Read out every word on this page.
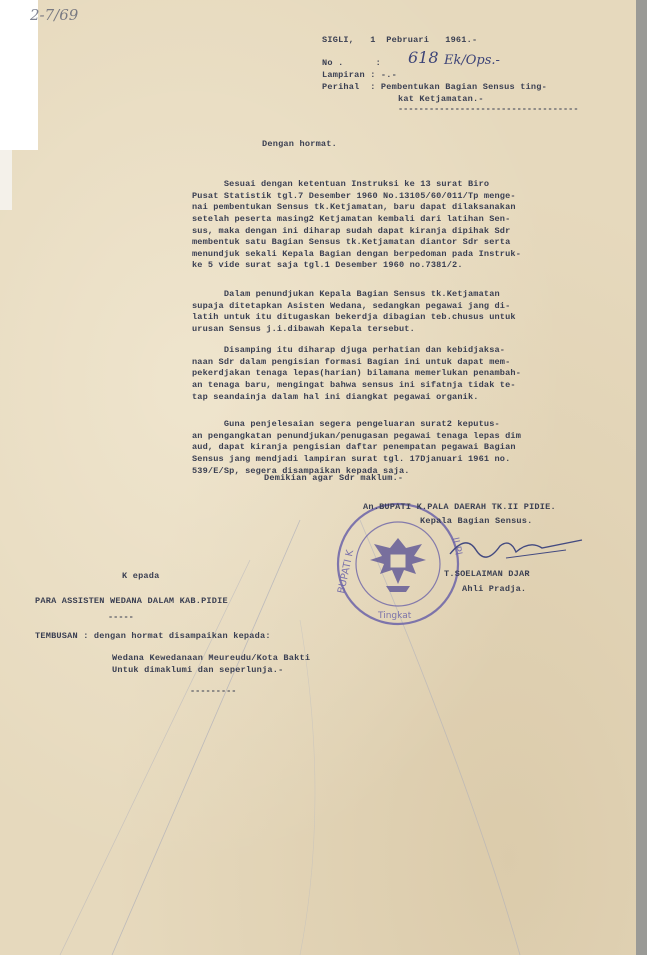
2-7/69
SIGLI,   1  Pebruari   1961.-
No .      : 618 Ek/Ops.-
Lampiran : -.-
Perihal  : Pembentukan Bagian Sensus ting-
kat Ketjamatan.-
-----------------------------------
Dengan hormat.

Sesuai dengan ketentuan Instruksi ke 13 surat Biro
Pusat Statistik tgl.7 Desember 1960 No.13105/60/011/Tp menge-
nai pembentukan Sensus tk.Ketjamatan, baru dapat dilaksanakan
setelah peserta masing2 Ketjamatan kembali dari latihan Sen-
sus, maka dengan ini diharap sudah dapat kiranja dipihak Sdr
membentuk satu Bagian Sensus tk.Ketjamatan diantor Sdr serta
menundjuk sekali Kepala Bagian dengan berpedoman pada Instruk-
ke 5 vide surat saja tgl.1 Desember 1960 no.7381/2.

Dalam penundjukan Kepala Bagian Sensus tk.Ketjamatan
supaja ditetapkan Asisten Wedana, sedangkan pegawai jang di-
latih untuk itu ditugaskan bekerdja dibagian teb.chusus untuk
urusan Sensus j.i.dibawah Kepala tersebut.

Disamping itu diharap djuga perhatian dan kebidjaksa-
naan Sdr dalam pengisian formasi Bagian ini untuk dapat mem-
pekerdjakan tenaga lepas(harian) bilamana memerlukan penambah-
an tenaga baru, mengingat bahwa sensus ini sifatnja tidak te-
tap seandainja dalam hal ini diangkat pegawai organik.

Guna penjelesaian segera pengeluaran surat2 keputus-
an pengangkatan penundjukan/penugasan pegawai tenaga lepas dim
aud, dapat kiranja pengisian daftar penempatan pegawai Bagian
Sensus jang mendjadi lampiran surat tgl. 17Djanuari 1961 no.
539/E/Sp, segera disampaikan kepada saja.

Demikian agar Sdr maklum.-
BUPATI K
II PI
Tingkat
An.BUPATI K.PALA DAERAH TK.II PIDIE.
Kepala Bagian Sensus.
T.SOELAIMAN DJAR
Ahli Pradja.
K epada
PARA ASSISTEN WEDANA DALAM KAB.PIDIE
-----
TEMBUSAN : dengan hormat disampaikan kepada:
Wedana Kewedanaan Meureudu/Kota Bakti
Untuk dimaklumi dan seperlunja.-
---------
